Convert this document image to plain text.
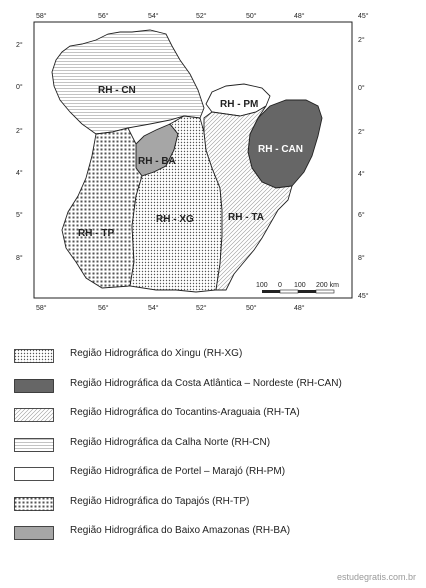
58°	56°	54°	52°	50°	48°
58°	56°	54°	52°	50°	48°
2°
0°
2°
4°
5°
8°
45°
2°
0°
2°
4°
6°
8°
45°
RH - CN
RH - PM
RH - CAN
RH - BA
RH - XG	RH - TA
RH - TP
100 0 100 200 km
Região Hidrográfica do Xingu (RH-XG)
Região Hidrográfica da Costa Atlântica – Nordeste (RH-CAN)
Região Hidrográfica do Tocantins-Araguaia (RH-TA)
Região Hidrográfica da Calha Norte (RH-CN)
Região Hidrográfica de Portel – Marajó (RH-PM)
Região Hidrográfica do Tapajós (RH-TP)
Região Hidrográfica do Baixo Amazonas (RH-BA)
estudegratis.com.br
